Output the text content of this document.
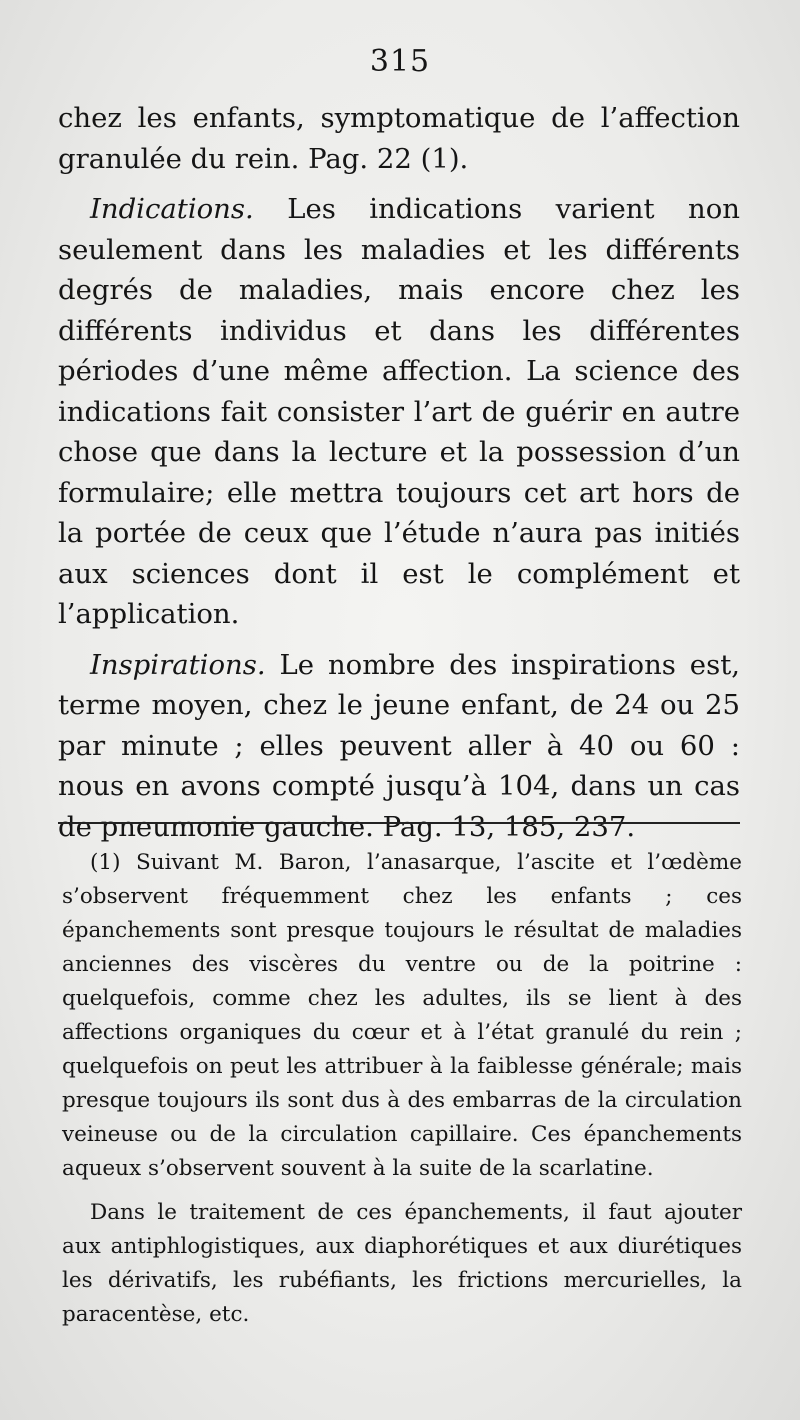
315

chez les enfants, symptomatique de l’affection granulée du rein. Pag. 22 (1).

Indications. Les indications varient non seulement dans les maladies et les différents degrés de maladies, mais encore chez les différents individus et dans les différentes périodes d’une même affection. La science des indications fait consister l’art de guérir en autre chose que dans la lecture et la possession d’un formulaire; elle mettra toujours cet art hors de la portée de ceux que l’étude n’aura pas initiés aux sciences dont il est le complément et l’application.

Inspirations. Le nombre des inspirations est, terme moyen, chez le jeune enfant, de 24 ou 25 par minute ; elles peuvent aller à 40 ou 60 : nous en avons compté jusqu’à 104, dans un cas de pneumonie gauche. Pag. 13, 185, 237.

(1) Suivant M. Baron, l’anasarque, l’ascite et l’œdème s’observent fréquemment chez les enfants ; ces épanchements sont presque toujours le résultat de maladies anciennes des viscères du ventre ou de la poitrine : quelquefois, comme chez les adultes, ils se lient à des affections organiques du cœur et à l’état granulé du rein ; quelquefois on peut les attribuer à la faiblesse générale; mais presque toujours ils sont dus à des embarras de la circulation veineuse ou de la circulation capillaire. Ces épanchements aqueux s’observent souvent à la suite de la scarlatine.

Dans le traitement de ces épanchements, il faut ajouter aux antiphlogistiques, aux diaphorétiques et aux diurétiques les dérivatifs, les rubéfiants, les frictions mercurielles, la paracentèse, etc.
